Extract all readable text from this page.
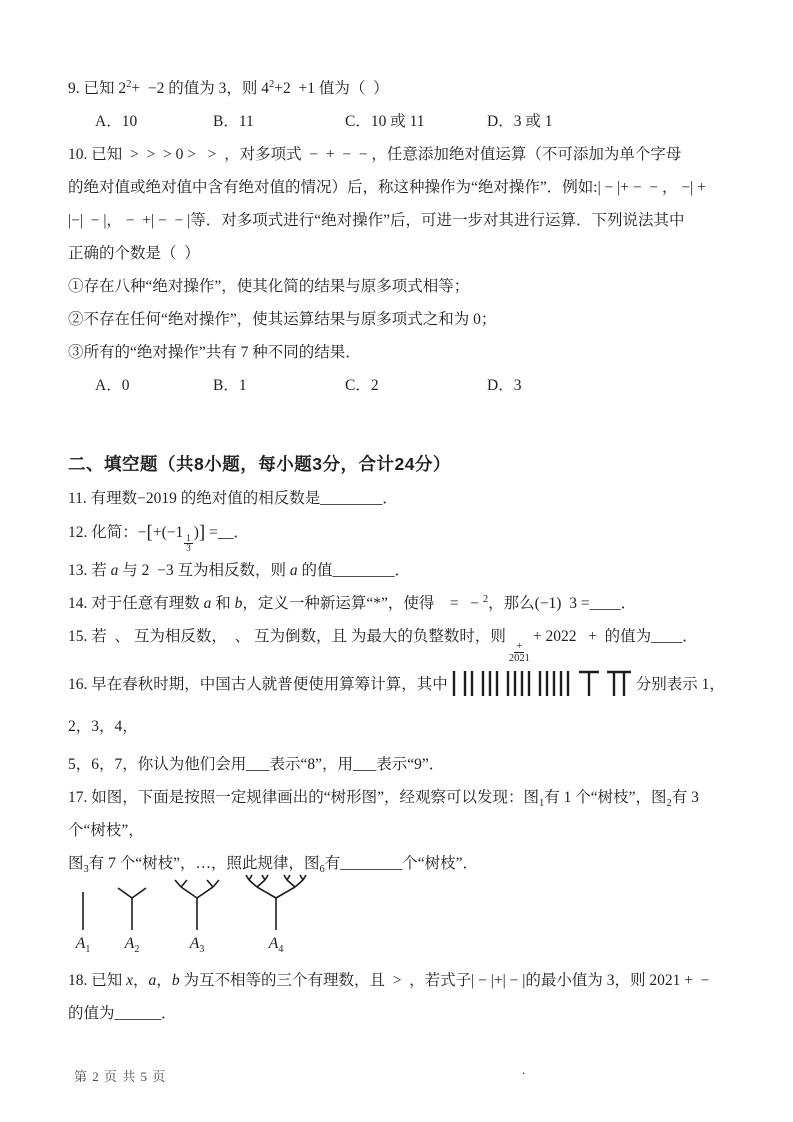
9. 已知 $2^2+ -2$ 的值为 3，则 $4^2+2 +1$ 值为（  ）
A．10	B．11	C．10 或 11	D．3 或 1
10. 已知  >  >  > 0 >   >  ，对多项式  −  +  −  − ，任意添加绝对值运算（不可添加为单个字母
的绝对值或绝对值中含有绝对值的情况）后，称这种操作为“绝对操作”．例如:| − |+ −  − ， −| +
|−|  − |， −  +| −  − |等．对多项式进行“绝对操作”后，可进一步对其进行运算．下列说法其中
正确的个数是（  ）
①存在八种“绝对操作”，使其化简的结果与原多项式相等；
②不存在任何“绝对操作”，使其运算结果与原多项式之和为 0；
③所有的“绝对操作”共有 7 种不同的结果．
A．0	B．1	C．2	D．3
二、填空题（共8小题，每小题3分，合计24分）
11. 有理数−2019 的绝对值的相反数是________．
12. 化简：−[+(−1
$\frac{1}{3}$
)] =__．
13. 若 a 与 2  −3 互为相反数，则 a 的值________．
14. 对于任意有理数 a 和 b，定义一种新运算“*”，使得    =   − $^2$，那么(−1)  3 =____．
15. 若  、 互为相反数，  、 互为倒数，且 为最大的负整数时，则
$\frac{+}{2021}$
+ 2022   +  的值为____．
16. 早在春秋时期，中国古人就普便使用算筹计算，其中	分别表示 1，2，3，4，
5，6，7，你认为他们会用___表示“8”，用___表示“9”．
17. 如图，下面是按照一定规律画出的“树形图”，经观察可以发现：图$_1$有 1 个“树枝”，图$_2$有 3 个“树枝”，
图$_3$有 7 个“树枝”，…，照此规律，图$_6$有________个“树枝”．
$A_1$ $A_2$	$A_3$	$A_4$
18. 已知 x，a，b 为互不相等的三个有理数，且  >  ，若式子| − |+| − |的最小值为 3，则 2021 +  −
的值为______．
第 2 页 共 5 页	.
